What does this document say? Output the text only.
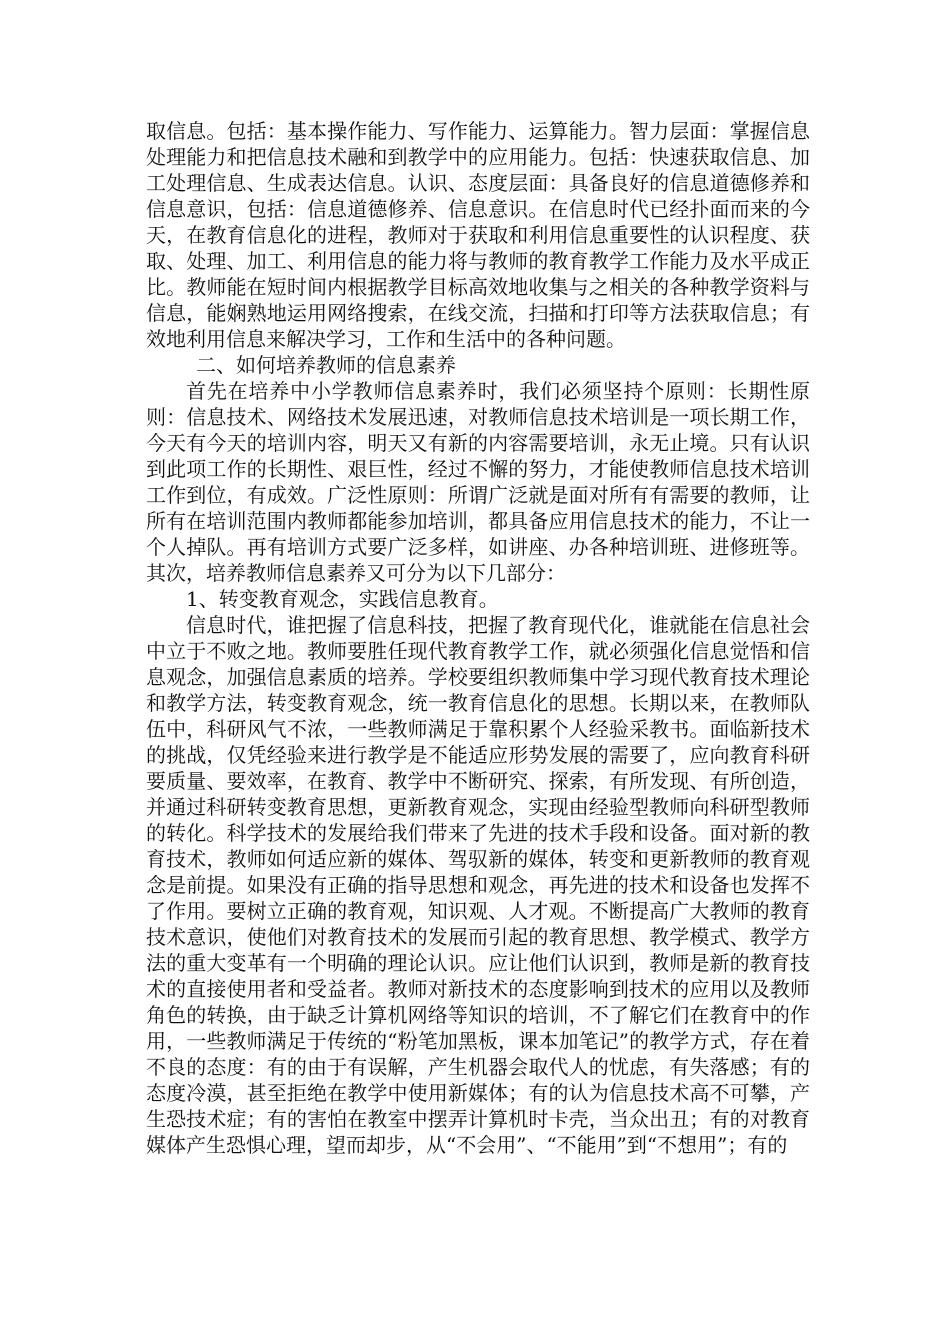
取信息。包括：基本操作能力、写作能力、运算能力。智力层面：掌握信息处理能力和把信息技术融和到教学中的应用能力。包括：快速获取信息、加工处理信息、生成表达信息。认识、态度层面：具备良好的信息道德修养和信息意识，包括：信息道德修养、信息意识。在信息时代已经扑面而来的今天，在教育信息化的进程，教师对于获取和利用信息重要性的认识程度、获取、处理、加工、利用信息的能力将与教师的教育教学工作能力及水平成正比。教师能在短时间内根据教学目标高效地收集与之相关的各种教学资料与信息，能娴熟地运用网络搜索，在线交流，扫描和打印等方法获取信息；有效地利用信息来解决学习，工作和生活中的各种问题。

二、如何培养教师的信息素养

首先在培养中小学教师信息素养时，我们必须坚持个原则：长期性原则：信息技术、网络技术发展迅速，对教师信息技术培训是一项长期工作，今天有今天的培训内容，明天又有新的内容需要培训，永无止境。只有认识到此项工作的长期性、艰巨性，经过不懈的努力，才能使教师信息技术培训工作到位，有成效。广泛性原则：所谓广泛就是面对所有有需要的教师，让所有在培训范围内教师都能参加培训，都具备应用信息技术的能力，不让一个人掉队。再有培训方式要广泛多样，如讲座、办各种培训班、进修班等。 其次，培养教师信息素养又可分为以下几部分：

1、转变教育观念，实践信息教育。

信息时代，谁把握了信息科技，把握了教育现代化，谁就能在信息社会中立于不败之地。教师要胜任现代教育教学工作，就必须强化信息觉悟和信息观念，加强信息素质的培养。学校要组织教师集中学习现代教育技术理论和教学方法，转变教育观念，统一教育信息化的思想。长期以来，在教师队伍中，科研风气不浓，一些教师满足于靠积累个人经验采教书。面临新技术的挑战，仅凭经验来进行教学是不能适应形势发展的需要了，应向教育科研要质量、要效率，在教育、教学中不断研究、探索，有所发现、有所创造，并通过科研转变教育思想，更新教育观念，实现由经验型教师向科研型教师的转化。科学技术的发展给我们带来了先进的技术手段和设备。面对新的教育技术，教师如何适应新的媒体、驾驭新的媒体，转变和更新教师的教育观念是前提。如果没有正确的指导思想和观念，再先进的技术和设备也发挥不了作用。要树立正确的教育观，知识观、人才观。不断提高广大教师的教育技术意识，使他们对教育技术的发展而引起的教育思想、教学模式、教学方法的重大变革有一个明确的理论认识。应让他们认识到，教师是新的教育技术的直接使用者和受益者。教师对新技术的态度影响到技术的应用以及教师角色的转换，由于缺乏计算机网络等知识的培训，不了解它们在教育中的作用，一些教师满足于传统的“粉笔加黑板，课本加笔记”的教学方式，存在着不良的态度：有的由于有误解，产生机器会取代人的忧虑，有失落感；有的态度冷漠，甚至拒绝在教学中使用新媒体；有的认为信息技术高不可攀，产生恐技术症；有的害怕在教室中摆弄计算机时卡壳，当众出丑；有的对教育媒体产生恐惧心理，望而却步，从“不会用”、“不能用”到“不想用”；有的
